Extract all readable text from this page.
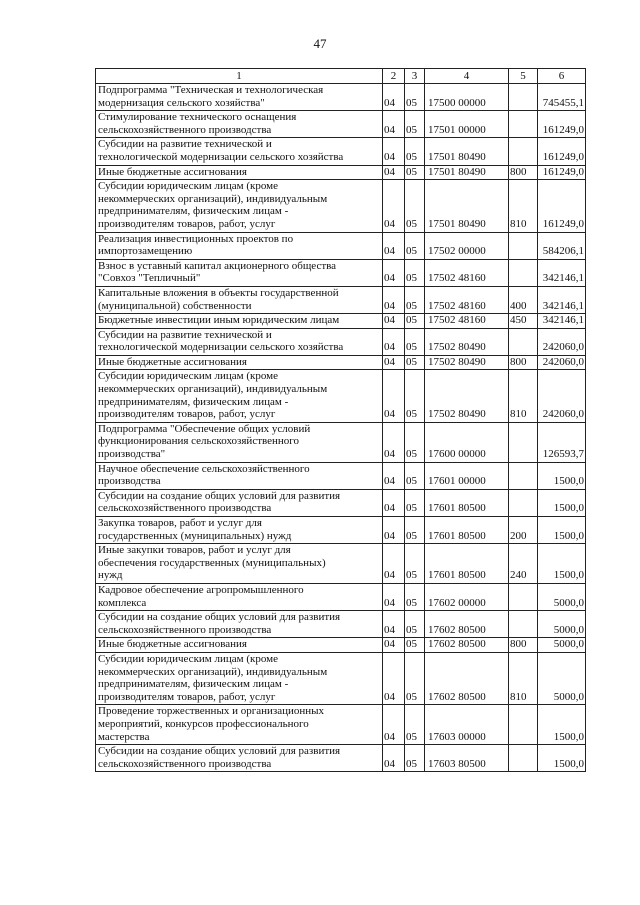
47
1	2	3	4	5	6

Подпрограмма "Техническая и технологическая
модернизация сельского хозяйства"	04	05	17500 00000		745455,1

Стимулирование технического оснащения
сельскохозяйственного производства	04	05	17501 00000		161249,0

Субсидии на развитие технической и
технологической модернизации сельского хозяйства	04	05	17501 80490		161249,0

Иные бюджетные ассигнования	04	05	17501 80490	800	161249,0

Субсидии юридическим лицам (кроме
некоммерческих организаций), индивидуальным
предпринимателям, физическим лицам -
производителям товаров, работ, услуг	04	05	17501 80490	810	161249,0

Реализация инвестиционных проектов по
импортозамещению	04	05	17502 00000		584206,1

Взнос в уставный капитал акционерного общества
"Совхоз "Тепличный"	04	05	17502 48160		342146,1

Капитальные вложения в объекты государственной
(муниципальной) собственности	04	05	17502 48160	400	342146,1

Бюджетные инвестиции иным юридическим лицам	04	05	17502 48160	450	342146,1

Субсидии на развитие технической и
технологической модернизации сельского хозяйства	04	05	17502 80490		242060,0

Иные бюджетные ассигнования	04	05	17502 80490	800	242060,0

Субсидии юридическим лицам (кроме
некоммерческих организаций), индивидуальным
предпринимателям, физическим лицам -
производителям товаров, работ, услуг	04	05	17502 80490	810	242060,0

Подпрограмма "Обеспечение общих условий
функционирования сельскохозяйственного
производства"	04	05	17600 00000		126593,7

Научное обеспечение сельскохозяйственного
производства	04	05	17601 00000		1500,0

Субсидии на создание общих условий для развития
сельскохозяйственного производства	04	05	17601 80500		1500,0

Закупка товаров, работ и услуг для
государственных (муниципальных) нужд	04	05	17601 80500	200	1500,0

Иные закупки товаров, работ и услуг для
обеспечения государственных (муниципальных)
нужд	04	05	17601 80500	240	1500,0

Кадровое обеспечение агропромышленного
комплекса	04	05	17602 00000		5000,0

Субсидии на создание общих условий для развития
сельскохозяйственного производства	04	05	17602 80500		5000,0

Иные бюджетные ассигнования	04	05	17602 80500	800	5000,0

Субсидии юридическим лицам (кроме
некоммерческих организаций), индивидуальным
предпринимателям, физическим лицам -
производителям товаров, работ, услуг	04	05	17602 80500	810	5000,0

Проведение торжественных и организационных
мероприятий, конкурсов профессионального
мастерства	04	05	17603 00000		1500,0

Субсидии на создание общих условий для развития
сельскохозяйственного производства	04	05	17603 80500		1500,0
